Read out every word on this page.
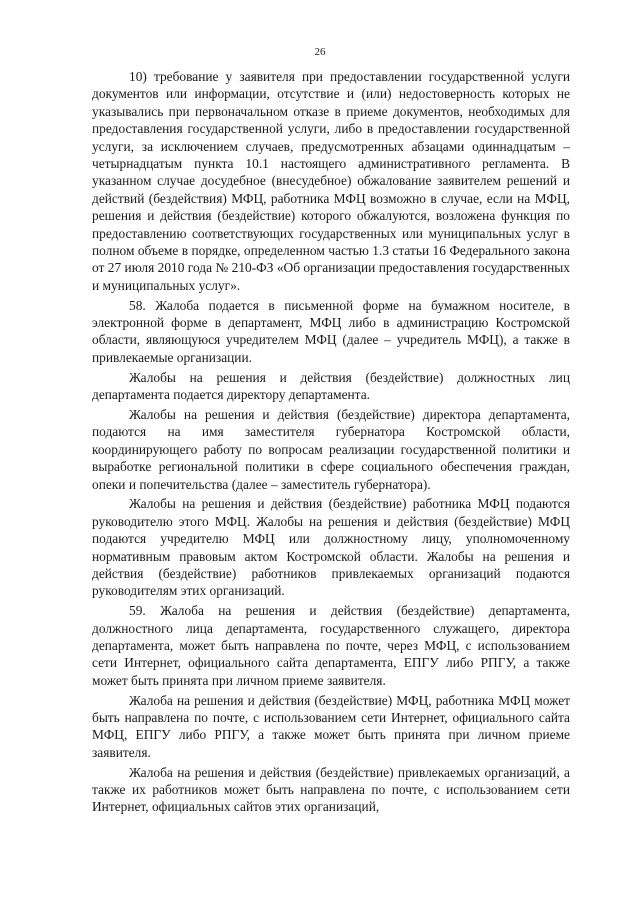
26

10) требование у заявителя при предоставлении государственной услуги документов или информации, отсутствие и (или) недостоверность которых не указывались при первоначальном отказе в приеме документов, необходимых для предоставления государственной услуги, либо в предоставлении государственной услуги, за исключением случаев, предусмотренных абзацами одиннадцатым – четырнадцатым пункта 10.1 настоящего административного регламента. В указанном случае досудебное (внесудебное) обжалование заявителем решений и действий (бездействия) МФЦ, работника МФЦ возможно в случае, если на МФЦ, решения и действия (бездействие) которого обжалуются, возложена функция по предоставлению соответствующих государственных или муниципальных услуг в полном объеме в порядке, определенном частью 1.3 статьи 16 Федерального закона от 27 июля 2010 года № 210-ФЗ «Об организации предоставления государственных и муниципальных услуг».

58. Жалоба подается в письменной форме на бумажном носителе, в электронной форме в департамент, МФЦ либо в администрацию Костромской области, являющуюся учредителем МФЦ (далее – учредитель МФЦ), а также в привлекаемые организации.

Жалобы на решения и действия (бездействие) должностных лиц департамента подается директору департамента.

Жалобы на решения и действия (бездействие) директора департамента, подаются на имя заместителя губернатора Костромской области, координирующего работу по вопросам реализации государственной политики и выработке региональной политики в сфере социального обеспечения граждан, опеки и попечительства (далее – заместитель губернатора).

Жалобы на решения и действия (бездействие) работника МФЦ подаются руководителю этого МФЦ. Жалобы на решения и действия (бездействие) МФЦ подаются учредителю МФЦ или должностному лицу, уполномоченному нормативным правовым актом Костромской области. Жалобы на решения и действия (бездействие) работников привлекаемых организаций подаются руководителям этих организаций.

59. Жалоба на решения и действия (бездействие) департамента, должностного лица департамента, государственного служащего, директора департамента, может быть направлена по почте, через МФЦ, с использованием сети Интернет, официального сайта департамента, ЕПГУ либо РПГУ, а также может быть принята при личном приеме заявителя.

Жалоба на решения и действия (бездействие) МФЦ, работника МФЦ может быть направлена по почте, с использованием сети Интернет, официального сайта МФЦ, ЕПГУ либо РПГУ, а также может быть принята при личном приеме заявителя.

Жалоба на решения и действия (бездействие) привлекаемых организаций, а также их работников может быть направлена по почте, с использованием сети Интернет, официальных сайтов этих организаций,
